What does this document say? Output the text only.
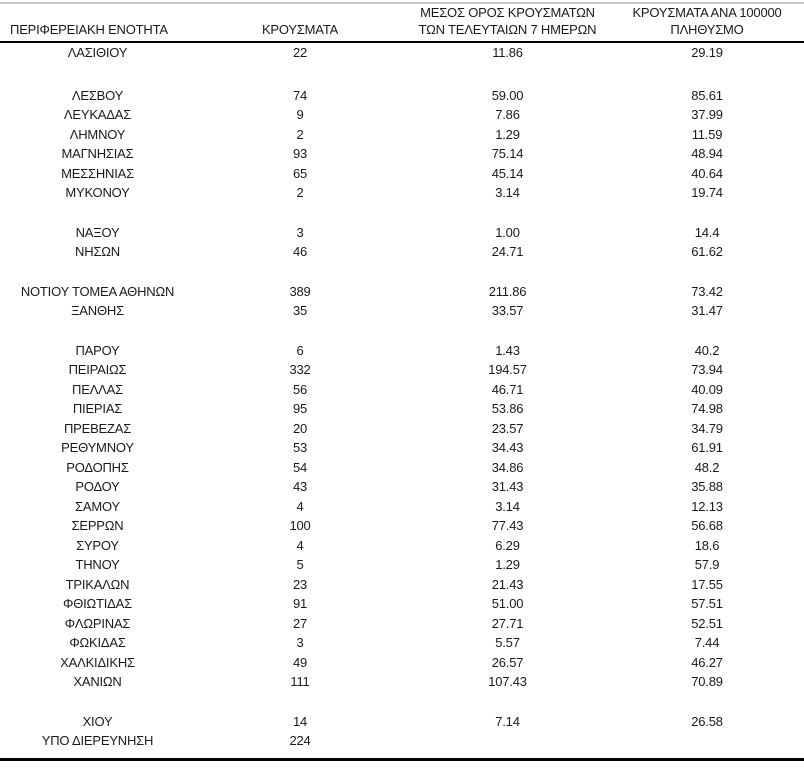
ΠΕΡΙΦΕΡΕΙΑΚΗ ΕΝΟΤΗΤΑ	ΚΡΟΥΣΜΑΤΑ	ΜΕΣΟΣ ΟΡΟΣ ΚΡΟΥΣΜΑΤΩΝ
ΤΩΝ ΤΕΛΕΥΤΑΙΩΝ 7 ΗΜΕΡΩΝ	ΚΡΟΥΣΜΑΤΑ ΑΝΑ 100000
ΠΛΗΘΥΣΜΟ
ΛΑΣΙΘΙΟΥ	22	11.86	29.19

ΛΕΣΒΟΥ	74	59.00	85.61
ΛΕΥΚΑΔΑΣ	9	7.86	37.99
ΛΗΜΝΟΥ	2	1.29	11.59
ΜΑΓΝΗΣΙΑΣ	93	75.14	48.94
ΜΕΣΣΗΝΙΑΣ	65	45.14	40.64
ΜΥΚΟΝΟΥ	2	3.14	19.74

ΝΑΞΟΥ	3	1.00	14.4
ΝΗΣΩΝ	46	24.71	61.62

ΝΟΤΙΟΥ ΤΟΜΕΑ ΑΘΗΝΩΝ	389	211.86	73.42
ΞΑΝΘΗΣ	35	33.57	31.47

ΠΑΡΟΥ	6	1.43	40.2
ΠΕΙΡΑΙΩΣ	332	194.57	73.94
ΠΕΛΛΑΣ	56	46.71	40.09
ΠΙΕΡΙΑΣ	95	53.86	74.98
ΠΡΕΒΕΖΑΣ	20	23.57	34.79
ΡΕΘΥΜΝΟΥ	53	34.43	61.91
ΡΟΔΟΠΗΣ	54	34.86	48.2
ΡΟΔΟΥ	43	31.43	35.88
ΣΑΜΟΥ	4	3.14	12.13
ΣΕΡΡΩΝ	100	77.43	56.68
ΣΥΡΟΥ	4	6.29	18.6
ΤΗΝΟΥ	5	1.29	57.9
ΤΡΙΚΑΛΩΝ	23	21.43	17.55
ΦΘΙΩΤΙΔΑΣ	91	51.00	57.51
ΦΛΩΡΙΝΑΣ	27	27.71	52.51
ΦΩΚΙΔΑΣ	3	5.57	7.44
ΧΑΛΚΙΔΙΚΗΣ	49	26.57	46.27
ΧΑΝΙΩΝ	111	107.43	70.89

ΧΙΟΥ	14	7.14	26.58
ΥΠΟ ΔΙΕΡΕΥΝΗΣΗ	224		
